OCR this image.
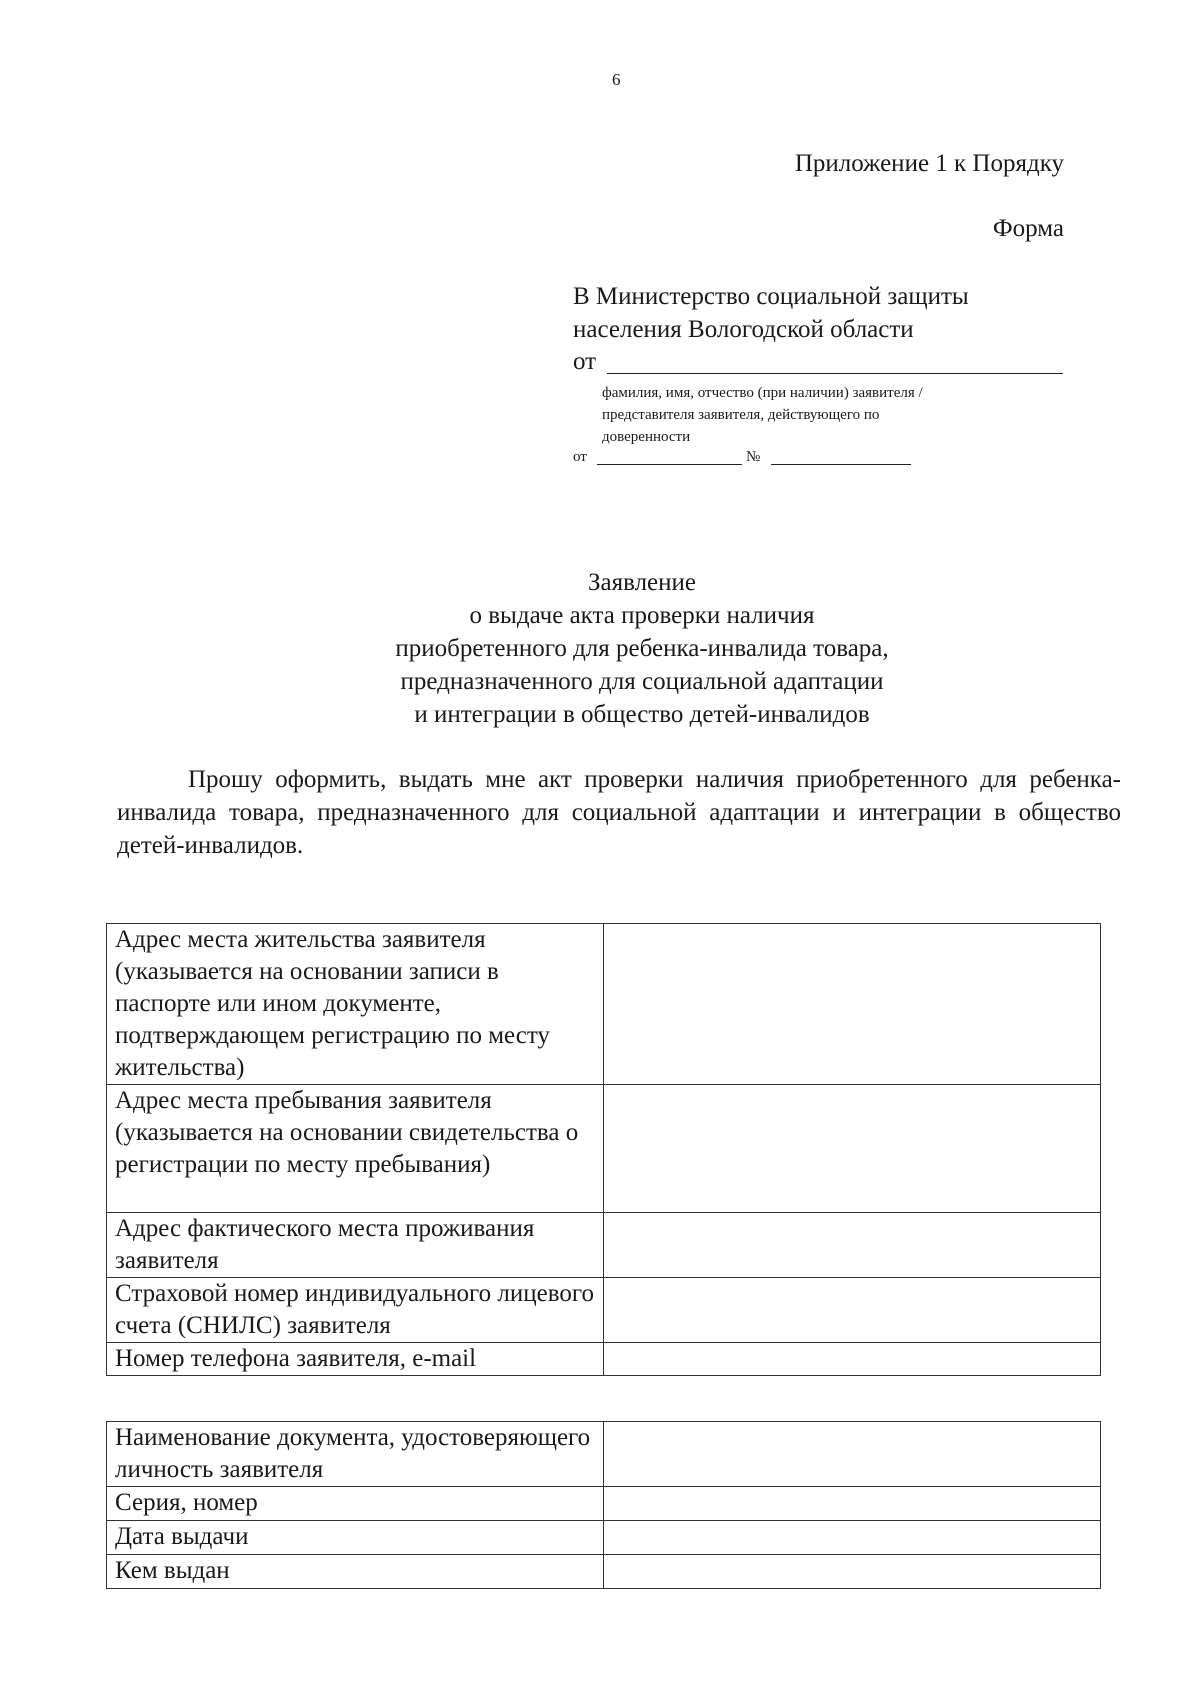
6
Приложение 1 к Порядку
Форма
В Министерство социальной защиты
населения Вологодской области
от
фамилия, имя, отчество (при наличии) заявителя /
представителя заявителя, действующего по
доверенности
от	№
Заявление
о выдаче акта проверки наличия
приобретенного для ребенка-инвалида товара,
предназначенного для социальной адаптации
и интеграции в общество детей-инвалидов
Прошу оформить, выдать мне акт проверки наличия приобретенного для ребенка-инвалида товара, предназначенного для социальной адаптации и интеграции в общество детей-инвалидов.
Адрес места жительства заявителя (указывается на основании записи в паспорте или ином документе, подтверждающем регистрацию по месту жительства)	
Адрес места пребывания заявителя (указывается на основании свидетельства о регистрации по месту пребывания)	
Адрес фактического места проживания заявителя	
Страховой номер индивидуального лицевого счета (СНИЛС) заявителя	
Номер телефона заявителя, e-mail	
Наименование документа, удостоверяющего личность заявителя	
Серия, номер	
Дата выдачи	
Кем выдан	
